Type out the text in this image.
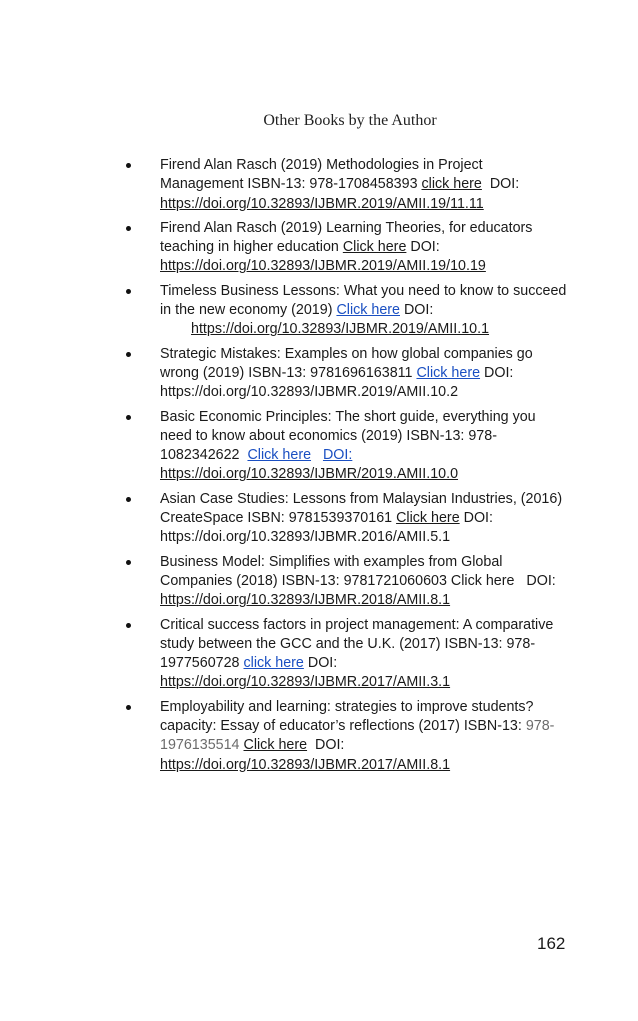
Other Books by the Author
Firend Alan Rasch (2019) Methodologies in Project
Management ISBN-13: 978-1708458393 click here  DOI:
https://doi.org/10.32893/IJBMR.2019/AMII.19/11.11
Firend Alan Rasch (2019) Learning Theories, for educators
teaching in higher education Click here DOI:
https://doi.org/10.32893/IJBMR.2019/AMII.19/10.19
Timeless Business Lessons: What you need to know to succeed
in the new economy (2019) Click here DOI:
https://doi.org/10.32893/IJBMR.2019/AMII.10.1
Strategic Mistakes: Examples on how global companies go
wrong (2019) ISBN-13: 9781696163811 Click here DOI:
https://doi.org/10.32893/IJBMR.2019/AMII.10.2
Basic Economic Principles: The short guide, everything you
need to know about economics (2019) ISBN-13: 978-
1082342622  Click here DOI:
https://doi.org/10.32893/IJBMR/2019.AMII.10.0
Asian Case Studies: Lessons from Malaysian Industries, (2016)
CreateSpace ISBN: 9781539370161 Click here DOI:
https://doi.org/10.32893/IJBMR.2016/AMII.5.1
Business Model: Simplifies with examples from Global
Companies (2018) ISBN-13: 9781721060603 Click here   DOI:
https://doi.org/10.32893/IJBMR.2018/AMII.8.1
Critical success factors in project management: A comparative
study between the GCC and the U.K. (2017) ISBN-13: 978-
1977560728 click here DOI:
https://doi.org/10.32893/IJBMR.2017/AMII.3.1
Employability and learning: strategies to improve students?
capacity: Essay of educator’s reflections (2017) ISBN-13: 978-
1976135514 Click here  DOI:
https://doi.org/10.32893/IJBMR.2017/AMII.8.1
162
